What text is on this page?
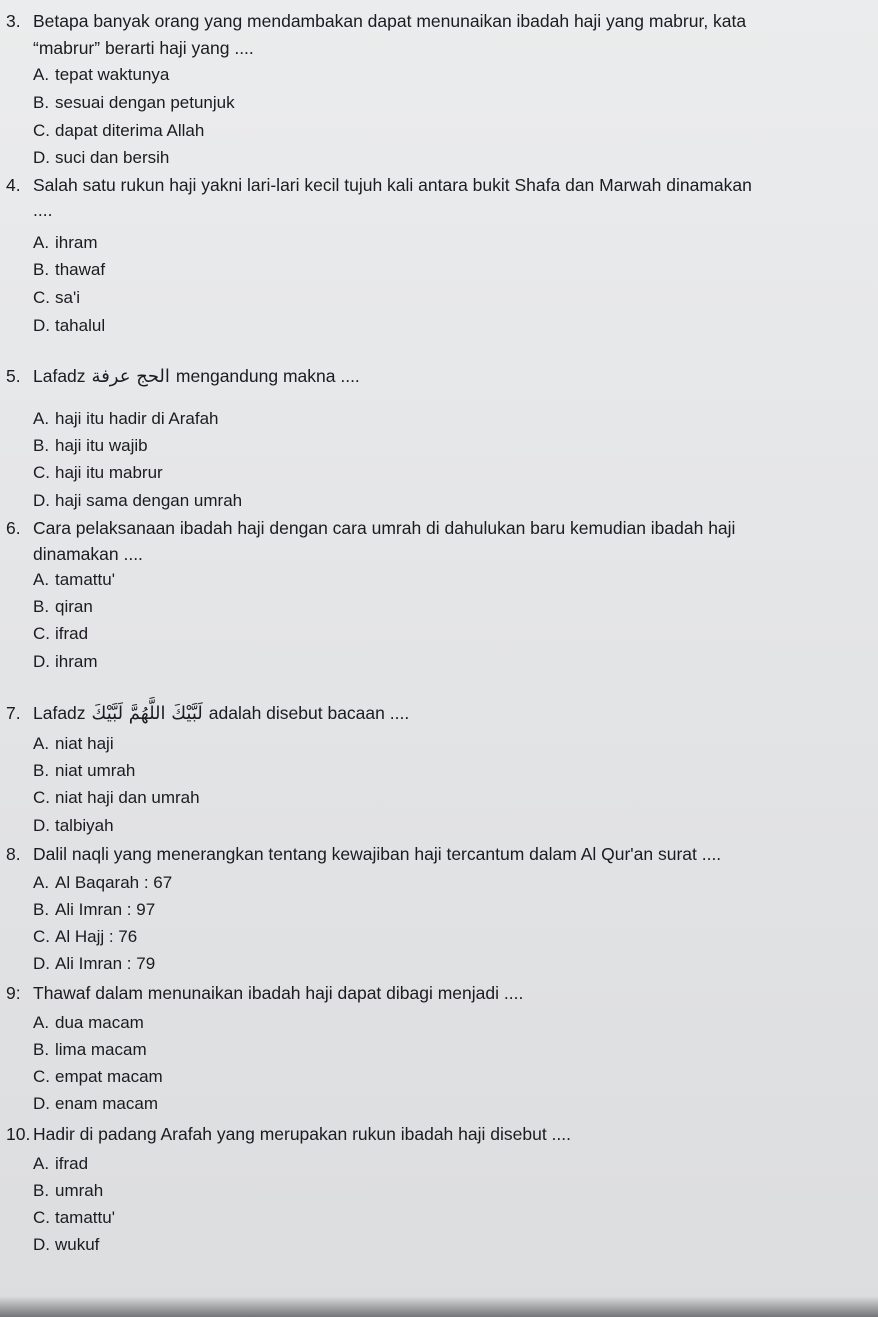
3. Betapa banyak orang yang mendambakan dapat menunaikan ibadah haji yang mabrur, kata
“mabrur” berarti haji yang ....
A. tepat waktunya
B. sesuai dengan petunjuk
C. dapat diterima Allah
D. suci dan bersih
4. Salah satu rukun haji yakni lari-lari kecil tujuh kali antara bukit Shafa dan Marwah dinamakan
....
A. ihram
B. thawaf
C. sa'i
D. tahalul
5. Lafadz الحج عرفة mengandung makna ....
A. haji itu hadir di Arafah
B. haji itu wajib
C. haji itu mabrur
D. haji sama dengan umrah
6. Cara pelaksanaan ibadah haji dengan cara umrah di dahulukan baru kemudian ibadah haji
dinamakan ....
A. tamattu'
B. qiran
C. ifrad
D. ihram
7. Lafadz لَبَّيْكَ اللَّهُمَّ لَبَّيْكَ adalah disebut bacaan ....
A. niat haji
B. niat umrah
C. niat haji dan umrah
D. talbiyah
8. Dalil naqli yang menerangkan tentang kewajiban haji tercantum dalam Al Qur'an surat ....
A. Al Baqarah : 67
B. Ali Imran : 97
C. Al Hajj : 76
D. Ali Imran : 79
9: Thawaf dalam menunaikan ibadah haji dapat dibagi menjadi ....
A. dua macam
B. lima macam
C. empat macam
D. enam macam
10. Hadir di padang Arafah yang merupakan rukun ibadah haji disebut ....
A. ifrad
B. umrah
C. tamattu'
D. wukuf
